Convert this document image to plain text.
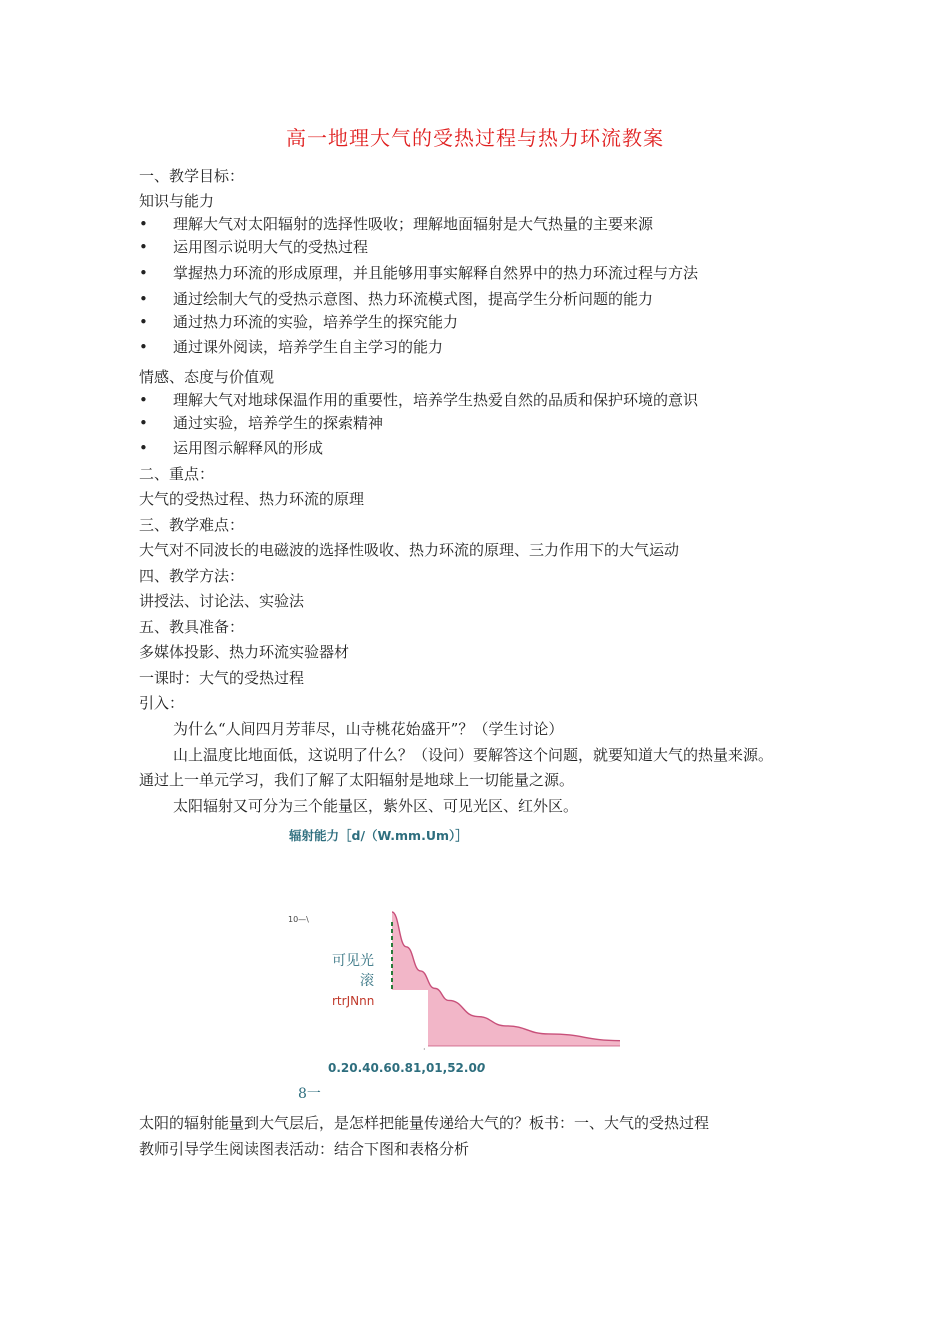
高一地理大气的受热过程与热力环流教案
一、教学目标：
知识与能力
• 理解大气对太阳辐射的选择性吸收；理解地面辐射是大气热量的主要来源
• 运用图示说明大气的受热过程
• 掌握热力环流的形成原理，并且能够用事实解释自然界中的热力环流过程与方法
• 通过绘制大气的受热示意图、热力环流模式图，提高学生分析问题的能力
• 通过热力环流的实验，培养学生的探究能力
• 通过课外阅读，培养学生自主学习的能力
情感、态度与价值观
• 理解大气对地球保温作用的重要性，培养学生热爱自然的品质和保护环境的意识
• 通过实验，培养学生的探索精神
• 运用图示解释风的形成
二、重点：
大气的受热过程、热力环流的原理
三、教学难点：
大气对不同波长的电磁波的选择性吸收、热力环流的原理、三力作用下的大气运动
四、教学方法：
讲授法、讨论法、实验法
五、教具准备：
多媒体投影、热力环流实验器材
一课时：大气的受热过程
引入：
为什么“人间四月芳菲尽，山寺桃花始盛开”？（学生讨论）
山上温度比地面低，这说明了什么？（设问）要解答这个问题，就要知道大气的热量来源。
通过上一单元学习，我们了解了太阳辐射是地球上一切能量之源。
太阳辐射又可分为三个能量区，紫外区、可见光区、红外区。
辐射能力［d/（W.mm.Um）］
10—\
可见光
滚
rtrJNnn
·
0.20.40.60.81,01,52.00
8一
太阳的辐射能量到大气层后，是怎样把能量传递给大气的？板书：一、大气的受热过程
教师引导学生阅读图表活动：结合下图和表格分析
